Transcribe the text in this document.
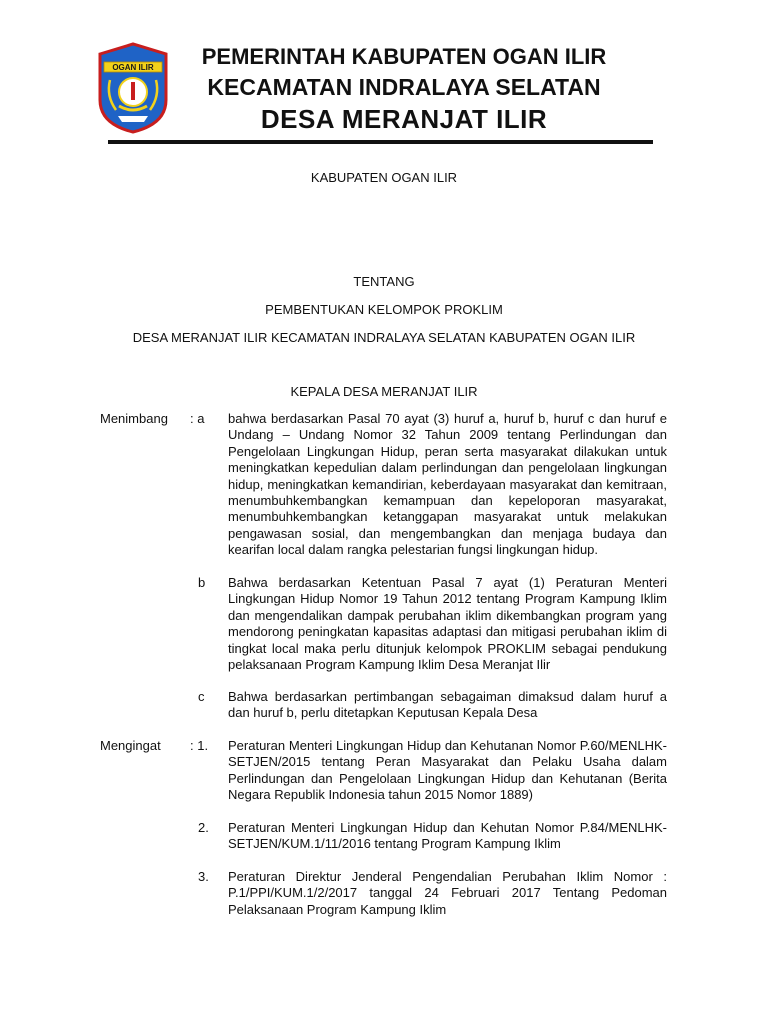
OGAN ILIR	PEMERINTAH KABUPATEN OGAN ILIR
KECAMATAN INDRALAYA SELATAN
DESA MERANJAT ILIR
KABUPATEN OGAN ILIR
TENTANG
PEMBENTUKAN KELOMPOK PROKLIM
DESA MERANJAT ILIR KECAMATAN INDRALAYA SELATAN KABUPATEN OGAN ILIR
KEPALA DESA MERANJAT ILIR
Menimbang : a bahwa berdasarkan Pasal 70 ayat (3) huruf a, huruf b, huruf c dan huruf e Undang – Undang Nomor 32 Tahun 2009 tentang Perlindungan dan Pengelolaan Lingkungan Hidup, peran serta masyarakat dilakukan untuk meningkatkan kepedulian dalam perlindungan dan pengelolaan lingkungan hidup, meningkatkan kemandirian, keberdayaan masyarakat dan kemitraan, menumbuhkembangkan kemampuan dan kepeloporan masyarakat, menumbuhkembangkan ketanggapan masyarakat untuk melakukan pengawasan sosial, dan mengembangkan dan menjaga budaya dan kearifan local dalam rangka pelestarian fungsi lingkungan hidup.

b Bahwa berdasarkan Ketentuan Pasal 7 ayat (1) Peraturan Menteri Lingkungan Hidup Nomor 19 Tahun 2012 tentang Program Kampung Iklim dan mengendalikan dampak perubahan iklim dikembangkan program yang mendorong peningkatan kapasitas adaptasi dan mitigasi perubahan iklim di tingkat local maka perlu ditunjuk kelompok PROKLIM sebagai pendukung pelaksanaan Program Kampung Iklim Desa Meranjat Ilir

c Bahwa berdasarkan pertimbangan sebagaiman dimaksud dalam huruf a dan huruf b, perlu ditetapkan Keputusan Kepala Desa

Mengingat : 1. Peraturan Menteri Lingkungan Hidup dan Kehutanan Nomor P.60/MENLHK-SETJEN/2015 tentang Peran Masyarakat dan Pelaku Usaha dalam Perlindungan dan Pengelolaan Lingkungan Hidup dan Kehutanan (Berita Negara Republik Indonesia tahun 2015 Nomor 1889)

2. Peraturan Menteri Lingkungan Hidup dan Kehutan Nomor P.84/MENLHK-SETJEN/KUM.1/11/2016 tentang Program Kampung Iklim

3. Peraturan Direktur Jenderal Pengendalian Perubahan Iklim Nomor : P.1/PPI/KUM.1/2/2017 tanggal 24 Februari 2017 Tentang Pedoman Pelaksanaan Program Kampung Iklim
